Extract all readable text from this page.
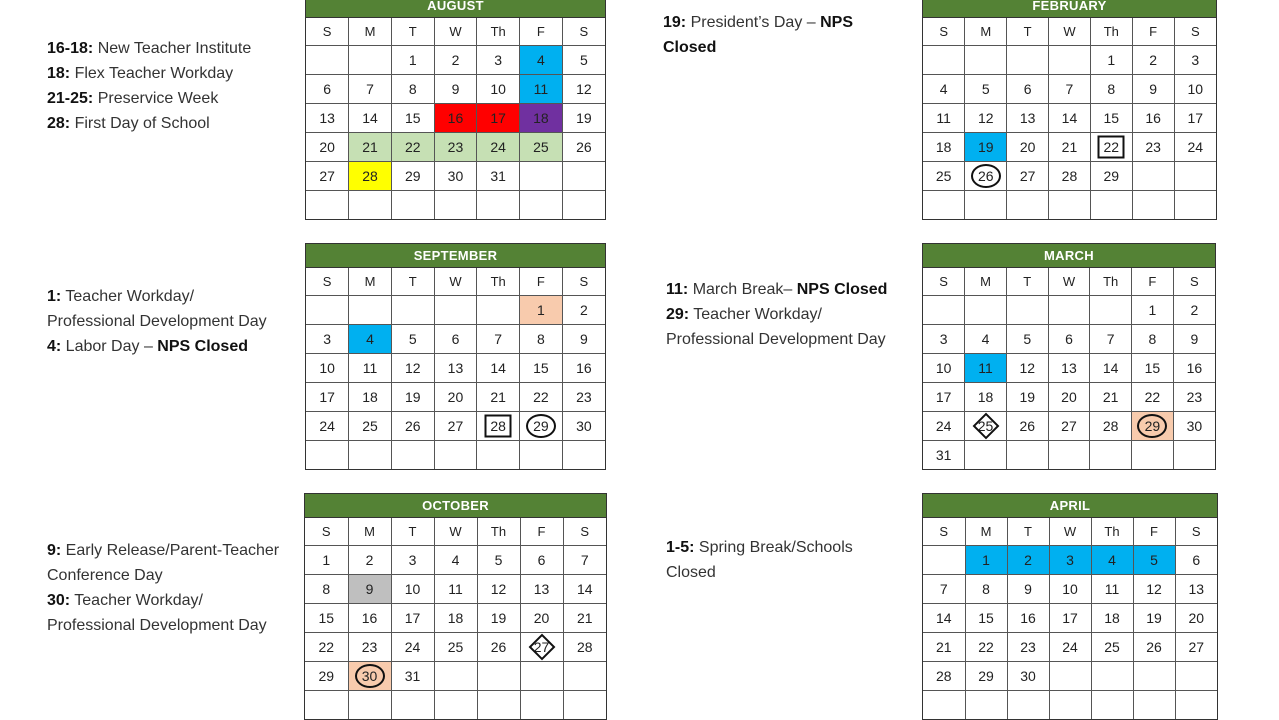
16-18: New Teacher Institute

18: Flex Teacher Workday

21-25: Preservice Week

28: First Day of School

1: Teacher Workday/ Professional Development Day

4: Labor Day – NPS Closed

9: Early Release/Parent-Teacher Conference Day

30: Teacher Workday/ Professional Development Day

19: President’s Day – NPS Closed

11: March Break– NPS Closed

29: Teacher Workday/ Professional Development Day

1-5: Spring Break/Schools Closed

AUGUST
S	M	T	W	Th	F	S
		1	2	3	4	5
6	7	8	9	10	11	12
13	14	15	16	17	18	19
20	21	22	23	24	25	26
27	28	29	30	31		

SEPTEMBER
S	M	T	W	Th	F	S
					1	2
3	4	5	6	7	8	9
10	11	12	13	14	15	16
17	18	19	20	21	22	23
24	25	26	27	28	29	30

OCTOBER
S	M	T	W	Th	F	S
1	2	3	4	5	6	7
8	9	10	11	12	13	14
15	16	17	18	19	20	21
22	23	24	25	26	27	28
29	30	31				

FEBRUARY
S	M	T	W	Th	F	S
				1	2	3
4	5	6	7	8	9	10
11	12	13	14	15	16	17
18	19	20	21	22	23	24
25	26	27	28	29		

MARCH
S	M	T	W	Th	F	S
					1	2
3	4	5	6	7	8	9
10	11	12	13	14	15	16
17	18	19	20	21	22	23
24	25	26	27	28	29	30
31						
APRIL
S	M	T	W	Th	F	S
	1	2	3	4	5	6
7	8	9	10	11	12	13
14	15	16	17	18	19	20
21	22	23	24	25	26	27
28	29	30				
